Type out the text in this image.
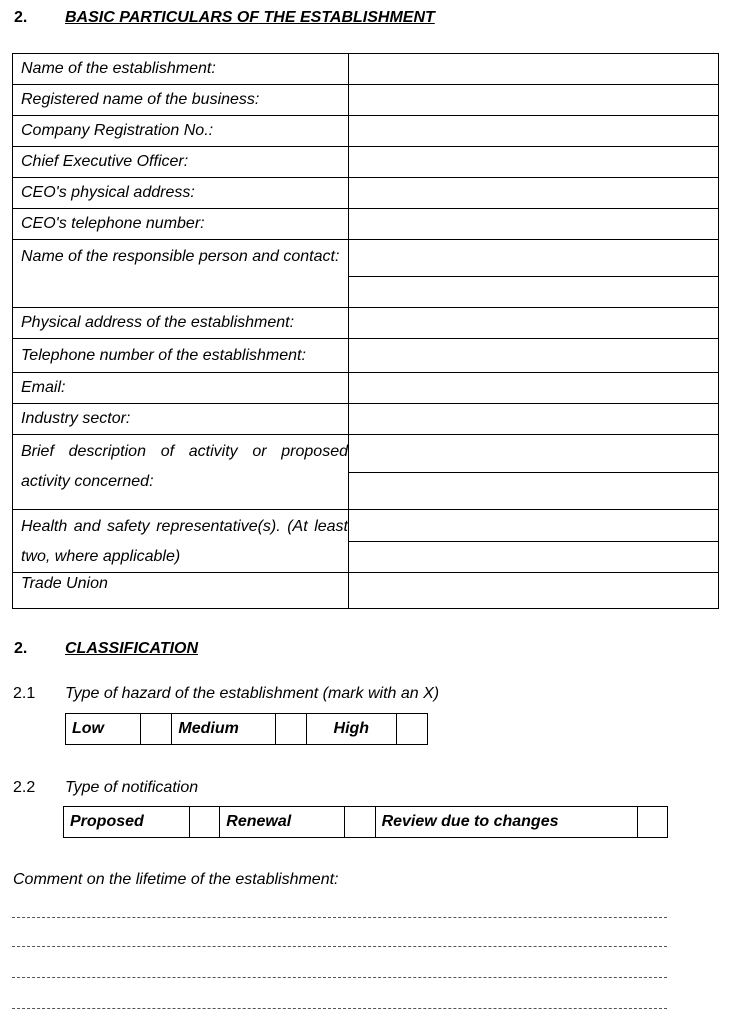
2. BASIC PARTICULARS OF THE ESTABLISHMENT
Name of the establishment:	
Registered name of the business:	
Company Registration No.:	
Chief Executive Officer:	
CEO's physical address:	
CEO's telephone number:	
Name of the responsible person and contact:	

Physical address of the establishment:	
Telephone number of the establishment:	
Email:	
Industry sector:	
Brief description of activity or proposed activity concerned:	

Health and safety representative(s). (At least two, where applicable)	

Trade Union	
2. CLASSIFICATION
2.1 Type of hazard of the establishment (mark with an X)
Low		Medium		High	
2.2 Type of notification
Proposed		Renewal		Review due to changes	
Comment on the lifetime of the establishment:
